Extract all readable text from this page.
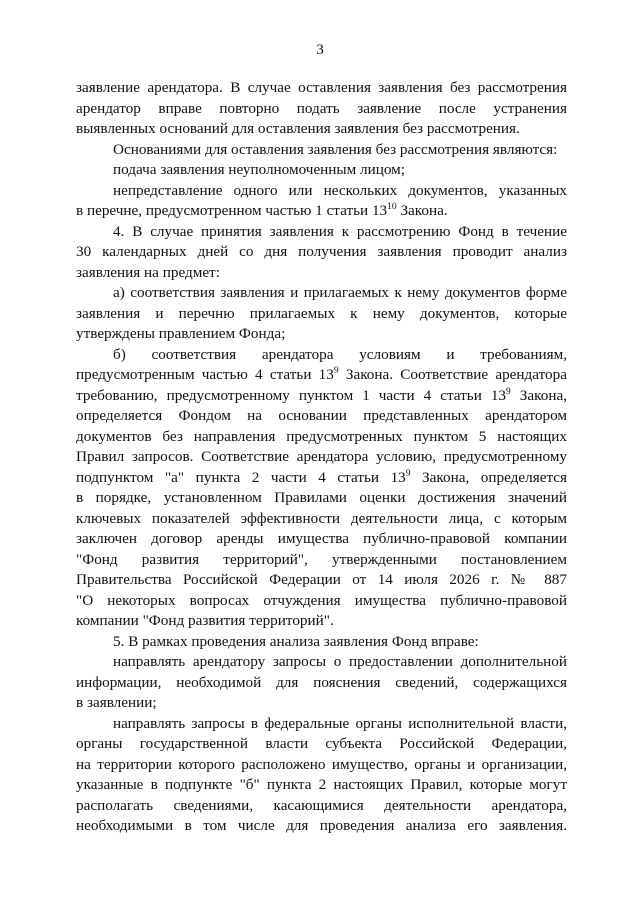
3
заявление арендатора. В случае оставления заявления без рассмотрения
арендатор вправе повторно подать заявление после устранения
выявленных оснований для оставления заявления без рассмотрения.
Основаниями для оставления заявления без рассмотрения являются:
подача заявления неуполномоченным лицом;
непредставление одного или нескольких документов, указанных
в перечне, предусмотренном частью 1 статьи $13^{10}$ Закона.
4. В случае принятия заявления к рассмотрению Фонд в течение
30 календарных дней со дня получения заявления проводит анализ
заявления на предмет:
а) соответствия заявления и прилагаемых к нему документов форме
заявления и перечню прилагаемых к нему документов, которые
утверждены правлением Фонда;
б) соответствия арендатора условиям и требованиям,
предусмотренным частью 4 статьи $13^9$ Закона. Соответствие арендатора
требованию, предусмотренному пунктом 1 части 4 статьи $13^9$ Закона,
определяется Фондом на основании представленных арендатором
документов без направления предусмотренных пунктом 5 настоящих
Правил запросов. Соответствие арендатора условию, предусмотренному
подпунктом "а" пункта 2 части 4 статьи $13^9$ Закона, определяется
в порядке, установленном Правилами оценки достижения значений
ключевых показателей эффективности деятельности лица, с которым
заключен договор аренды имущества публично-правовой компании
"Фонд развития территорий", утвержденными постановлением
Правительства Российской Федерации от 14 июля 2026 г. № 887
"О некоторых вопросах отчуждения имущества публично-правовой
компании "Фонд развития территорий".
5. В рамках проведения анализа заявления Фонд вправе:
направлять арендатору запросы о предоставлении дополнительной
информации, необходимой для пояснения сведений, содержащихся
в заявлении;
направлять запросы в федеральные органы исполнительной власти,
органы государственной власти субъекта Российской Федерации,
на территории которого расположено имущество, органы и организации,
указанные в подпункте "б" пункта 2 настоящих Правил, которые могут
располагать сведениями, касающимися деятельности арендатора,
необходимыми в том числе для проведения анализа его заявления.
